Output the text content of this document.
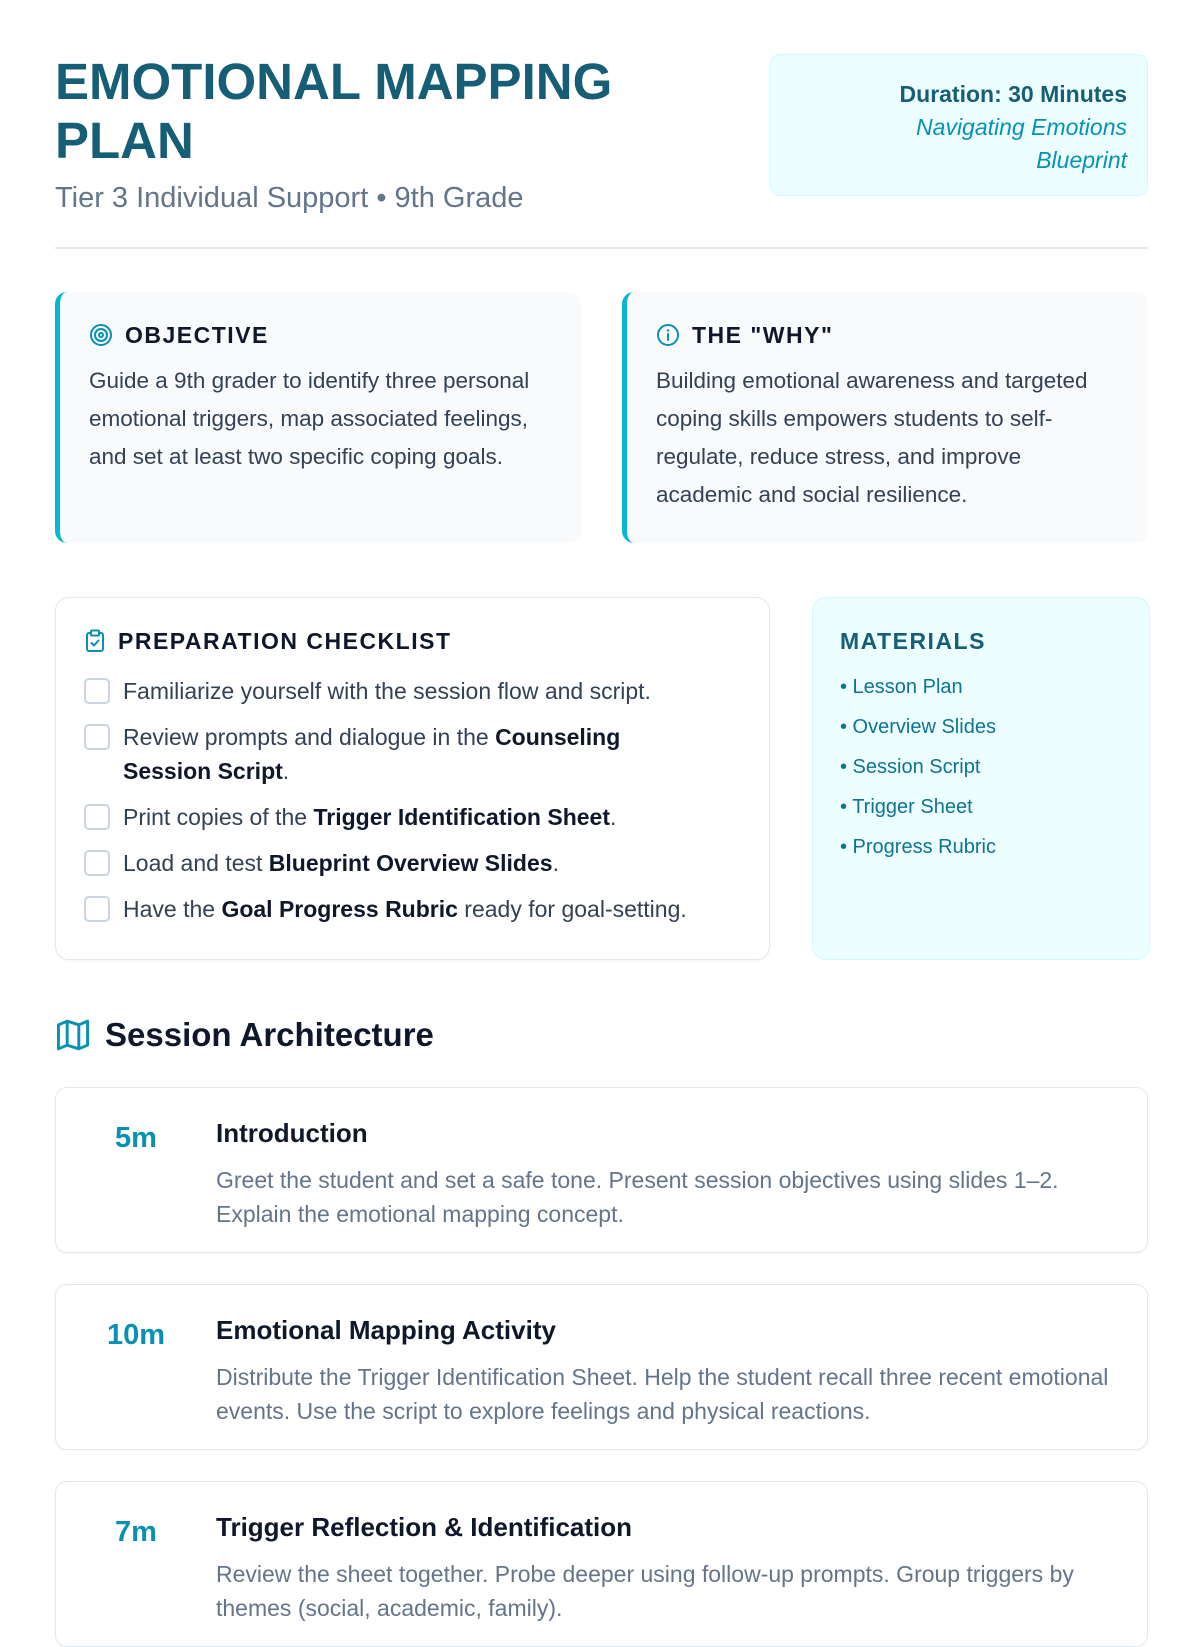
EMOTIONAL MAPPING PLAN
Tier 3 Individual Support • 9th Grade
Duration: 30 Minutes
Navigating Emotions Blueprint
OBJECTIVE

Guide a 9th grader to identify three personal emotional triggers, map associated feelings, and set at least two specific coping goals.

THE "WHY"

Building emotional awareness and targeted coping skills empowers students to self-regulate, reduce stress, and improve academic and social resilience.

PREPARATION CHECKLIST
Familiarize yourself with the session flow and script.
Review prompts and dialogue in the Counseling Session Script.
Print copies of the Trigger Identification Sheet.
Load and test Blueprint Overview Slides.
Have the Goal Progress Rubric ready for goal-setting.
MATERIALS
• Lesson Plan
• Overview Slides
• Session Script
• Trigger Sheet
• Progress Rubric
Session Architecture
5m	Introduction
Greet the student and set a safe tone. Present session objectives using slides 1–2. Explain the emotional mapping concept.
10m	Emotional Mapping Activity
Distribute the Trigger Identification Sheet. Help the student recall three recent emotional events. Use the script to explore feelings and physical reactions.
7m	Trigger Reflection & Identification
Review the sheet together. Probe deeper using follow-up prompts. Group triggers by themes (social, academic, family).
